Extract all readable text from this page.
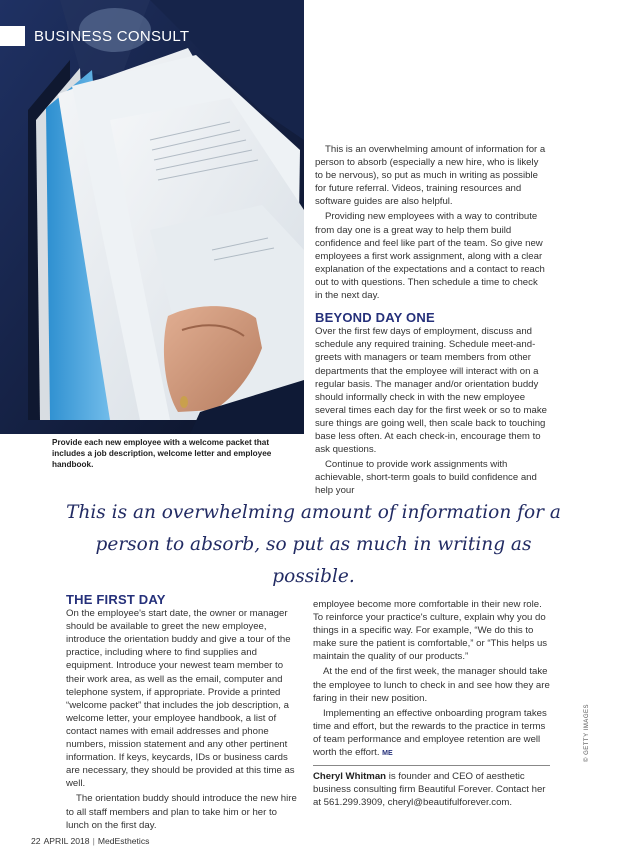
BUSINESS CONSULT
Provide each new employee with a welcome packet that includes a job description, welcome letter and employee handbook.

This is an overwhelming amount of information for a person to absorb (especially a new hire, who is likely to be nervous), so put as much in writing as possible for future referral. Videos, training resources and software guides are also helpful.

Providing new employees with a way to contribute from day one is a great way to help them build confidence and feel like part of the team. So give new employees a first work assignment, along with a clear explanation of the expectations and a contact to reach out to with questions. Then schedule a time to check in the next day.

BEYOND DAY ONE

Over the first few days of employment, discuss and schedule any required training. Schedule meet-and-greets with managers or team members from other departments that the employee will interact with on a regular basis. The manager and/or orientation buddy should informally check in with the new employee several times each day for the first week or so to make sure things are going well, then scale back to touching base less often. At each check-in, encourage them to ask questions.

Continue to provide work assignments with achievable, short-term goals to build confidence and help your

This is an overwhelming amount of information for a person to absorb, so put as much in writing as possible.
THE FIRST DAY

On the employee's start date, the owner or manager should be available to greet the new employee, introduce the orientation buddy and give a tour of the practice, including where to find supplies and equipment. Introduce your newest team member to their work area, as well as the email, computer and telephone system, if appropriate. Provide a printed “welcome packet” that includes the job description, a welcome letter, your employee handbook, a list of contact names with email addresses and phone numbers, mission statement and any other pertinent information. If keys, keycards, IDs or business cards are necessary, they should be provided at this time as well.

The orientation buddy should introduce the new hire to all staff members and plan to take him or her to lunch on the first day.

employee become more comfortable in their new role. To reinforce your practice's culture, explain why you do things in a specific way. For example, “We do this to make sure the patient is comfortable,” or “This helps us maintain the quality of our products.”

At the end of the first week, the manager should take the employee to lunch to check in and see how they are faring in their new position.

Implementing an effective onboarding program takes time and effort, but the rewards to the practice in terms of team performance and employee retention are well worth the effort. ME

Cheryl Whitman is founder and CEO of aesthetic business consulting firm Beautiful Forever. Contact her at 561.299.3909, cheryl@beautifulforever.com.
© GETTY IMAGES
22 APRIL 2018 | MedEsthetics
